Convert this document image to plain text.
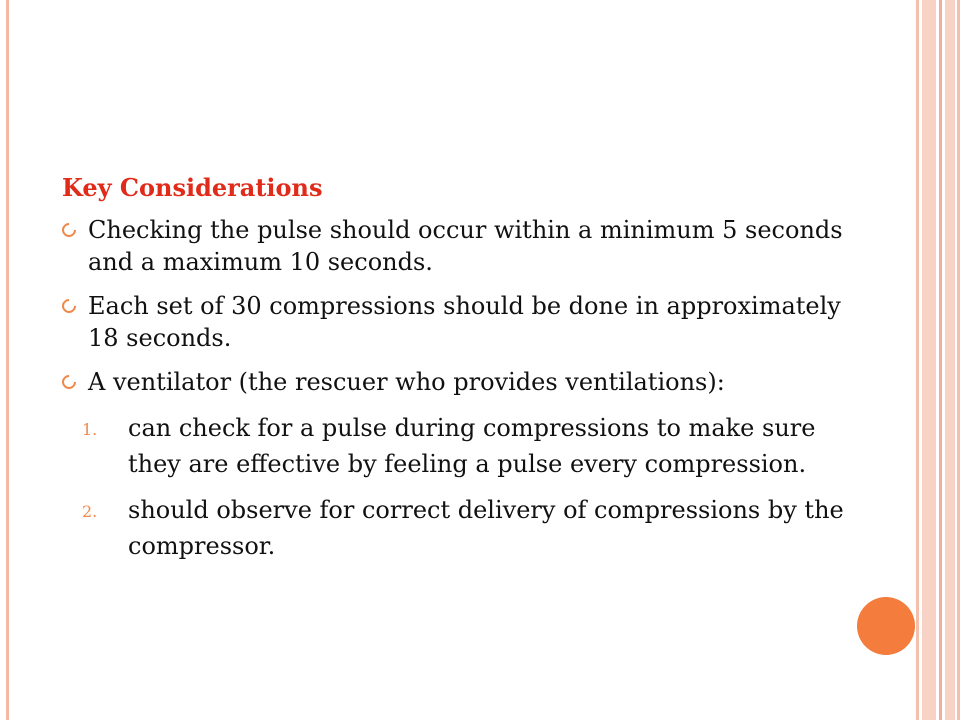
Key Considerations
Checking the pulse should occur within a minimum 5 seconds and a maximum 10 seconds.
Each set of 30 compressions should be done in approximately 18 seconds.
A ventilator (the rescuer who provides ventilations):
1. can check for a pulse during compressions to make sure they are effective by feeling a pulse every compression.
2. should observe for correct delivery of compressions by the compressor.
